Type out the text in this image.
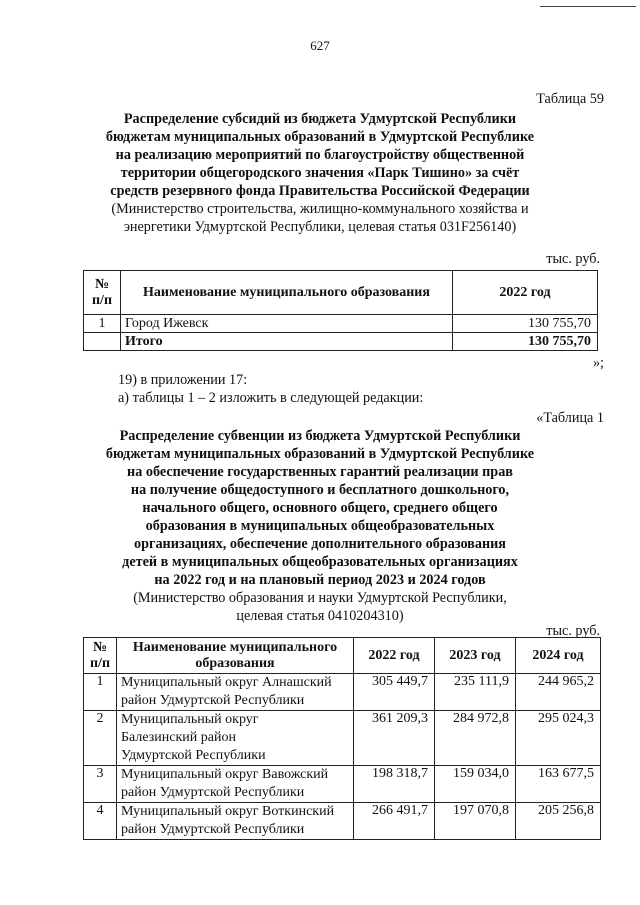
627
Таблица 59
Распределение субсидий из бюджета Удмуртской Республики
бюджетам муниципальных образований в Удмуртской Республике
на реализацию мероприятий по благоустройству общественной
территории общегородского значения «Парк Тишино» за счёт
средств резервного фонда Правительства Российской Федерации
(Министерство строительства, жилищно-коммунального хозяйства и
энергетики Удмуртской Республики, целевая статья 031F256140)
тыс. руб.
№ п/п	Наименование муниципального образования	2022 год
1	Город Ижевск	130 755,70
	Итого	130 755,70
»;
19) в приложении 17:
а) таблицы 1 – 2 изложить в следующей редакции:
«Таблица 1
Распределение субвенции из бюджета Удмуртской Республики
бюджетам муниципальных образований в Удмуртской Республике
на обеспечение государственных гарантий реализации прав
на получение общедоступного и бесплатного дошкольного,
начального общего, основного общего, среднего общего
образования в муниципальных общеобразовательных
организациях, обеспечение дополнительного образования
детей в муниципальных общеобразовательных организациях
на 2022 год и на плановый период 2023 и 2024 годов
(Министерство образования и науки Удмуртской Республики,
целевая статья 0410204310)
тыс. руб.
№ п/п	Наименование муниципального образования	2022 год	2023 год	2024 год
1	Муниципальный округ Алнашский
район Удмуртской Республики	305 449,7	235 111,9	244 965,2
2	Муниципальный округ
Балезинский район
Удмуртской Республики	361 209,3	284 972,8	295 024,3
3	Муниципальный округ Вавожский
район Удмуртской Республики	198 318,7	159 034,0	163 677,5
4	Муниципальный округ Воткинский
район Удмуртской Республики	266 491,7	197 070,8	205 256,8
